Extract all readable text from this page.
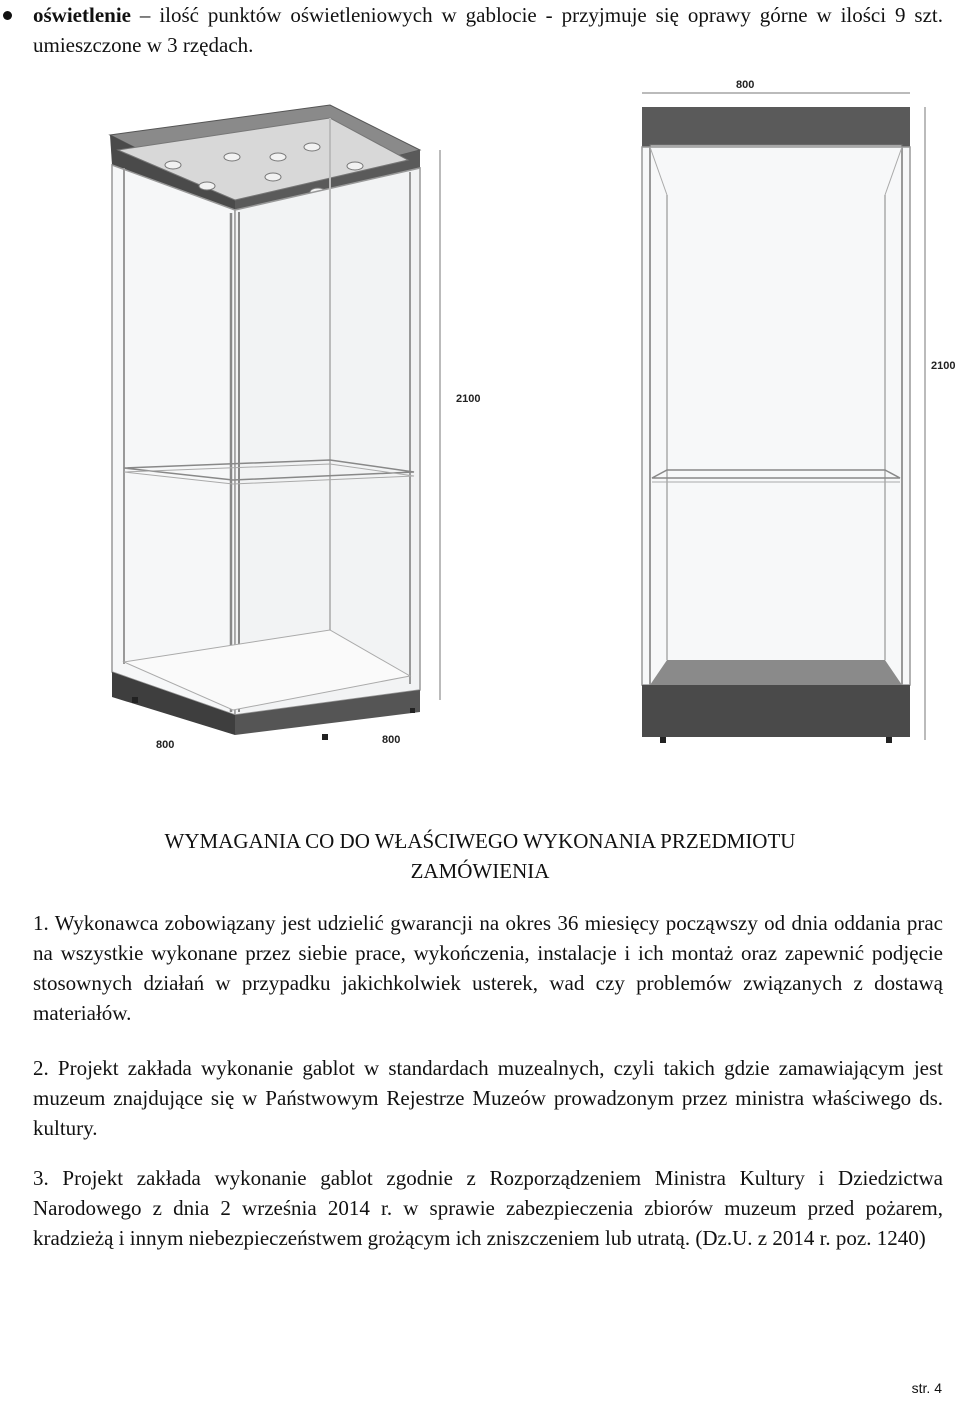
oświetlenie – ilość punktów oświetleniowych w gablocie - przyjmuje się oprawy górne w ilości 9 szt. umieszczone w 3 rzędach.
2100
800	800
800
2100
WYMAGANIA CO DO WŁAŚCIWEGO WYKONANIA PRZEDMIOTU
ZAMÓWIENIA

1. Wykonawca zobowiązany jest udzielić gwarancji na okres 36 miesięcy począwszy od dnia oddania prac na wszystkie wykonane przez siebie prace, wykończenia, instalacje i ich montaż oraz zapewnić podjęcie stosownych działań w przypadku jakichkolwiek usterek, wad czy problemów związanych z dostawą materiałów.

2. Projekt zakłada wykonanie gablot w standardach muzealnych, czyli takich gdzie zamawiającym jest muzeum znajdujące się w Państwowym Rejestrze Muzeów prowadzonym przez ministra właściwego ds. kultury.

3. Projekt zakłada wykonanie gablot zgodnie z Rozporządzeniem Ministra Kultury i Dziedzictwa Narodowego z dnia 2 września 2014 r. w sprawie zabezpieczenia zbiorów muzeum przed pożarem, kradzieżą i innym niebezpieczeństwem grożącym ich zniszczeniem lub utratą. (Dz.U. z 2014 r. poz. 1240)

str. 4
